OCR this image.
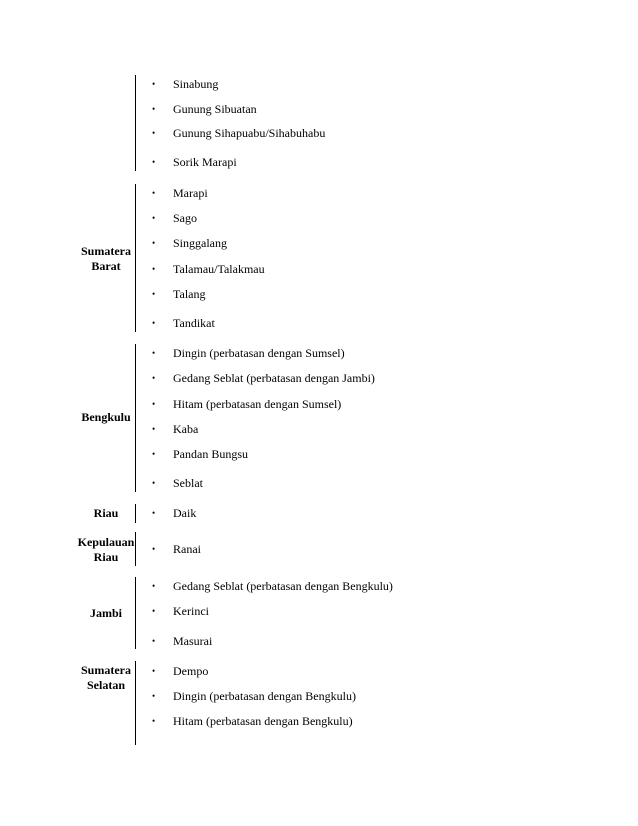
• Sinabung
• Gunung Sibuatan
• Gunung Sihapuabu/Sihabuhabu
• Sorik Marapi
Sumatera Barat
• Marapi
• Sago
• Singgalang
• Talamau/Talakmau
• Talang
• Tandikat
Bengkulu
• Dingin (perbatasan dengan Sumsel)
• Gedang Seblat (perbatasan dengan Jambi)
• Hitam (perbatasan dengan Sumsel)
• Kaba
• Pandan Bungsu
• Seblat
Riau	• Daik
Kepulauan Riau
• Ranai
Jambi
• Gedang Seblat (perbatasan dengan Bengkulu)
• Kerinci
• Masurai
Sumatera Selatan
• Dempo
• Dingin (perbatasan dengan Bengkulu)
• Hitam (perbatasan dengan Bengkulu)
